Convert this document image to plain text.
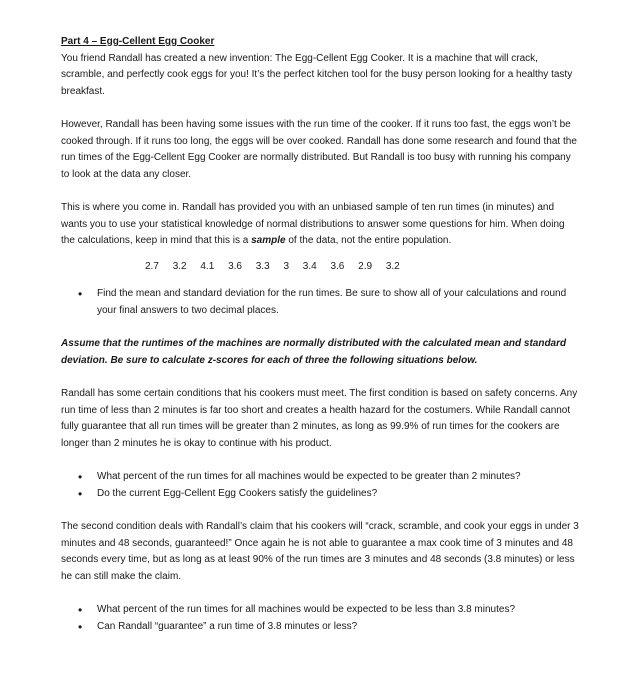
Part 4 – Egg-Cellent Egg Cooker

You friend Randall has created a new invention: The Egg-Cellent Egg Cooker. It is a machine that will crack, scramble, and perfectly cook eggs for you! It’s the perfect kitchen tool for the busy person looking for a healthy tasty breakfast.

However, Randall has been having some issues with the run time of the cooker. If it runs too fast, the eggs won’t be cooked through. If it runs too long, the eggs will be over cooked. Randall has done some research and found that the run times of the Egg-Cellent Egg Cooker are normally distributed. But Randall is too busy with running his company to look at the data any closer.

This is where you come in. Randall has provided you with an unbiased sample of ten run times (in minutes) and wants you to use your statistical knowledge of normal distributions to answer some questions for him. When doing the calculations, keep in mind that this is a sample of the data, not the entire population.

2.7 3.2 4.1 3.6 3.3 3 3.4 3.6 2.9 3.2
• Find the mean and standard deviation for the run times. Be sure to show all of your calculations and round your final answers to two decimal places.

Assume that the runtimes of the machines are normally distributed with the calculated mean and standard deviation. Be sure to calculate z-scores for each of three the following situations below.

Randall has some certain conditions that his cookers must meet. The first condition is based on safety concerns. Any run time of less than 2 minutes is far too short and creates a health hazard for the costumers. While Randall cannot fully guarantee that all run times will be greater than 2 minutes, as long as 99.9% of run times for the cookers are longer than 2 minutes he is okay to continue with his product.

• What percent of the run times for all machines would be expected to be greater than 2 minutes?
• Do the current Egg-Cellent Egg Cookers satisfy the guidelines?

The second condition deals with Randall’s claim that his cookers will “crack, scramble, and cook your eggs in under 3 minutes and 48 seconds, guaranteed!” Once again he is not able to guarantee a max cook time of 3 minutes and 48 seconds every time, but as long as at least 90% of the run times are 3 minutes and 48 seconds (3.8 minutes) or less he can still make the claim.

• What percent of the run times for all machines would be expected to be less than 3.8 minutes?
• Can Randall “guarantee” a run time of 3.8 minutes or less?
